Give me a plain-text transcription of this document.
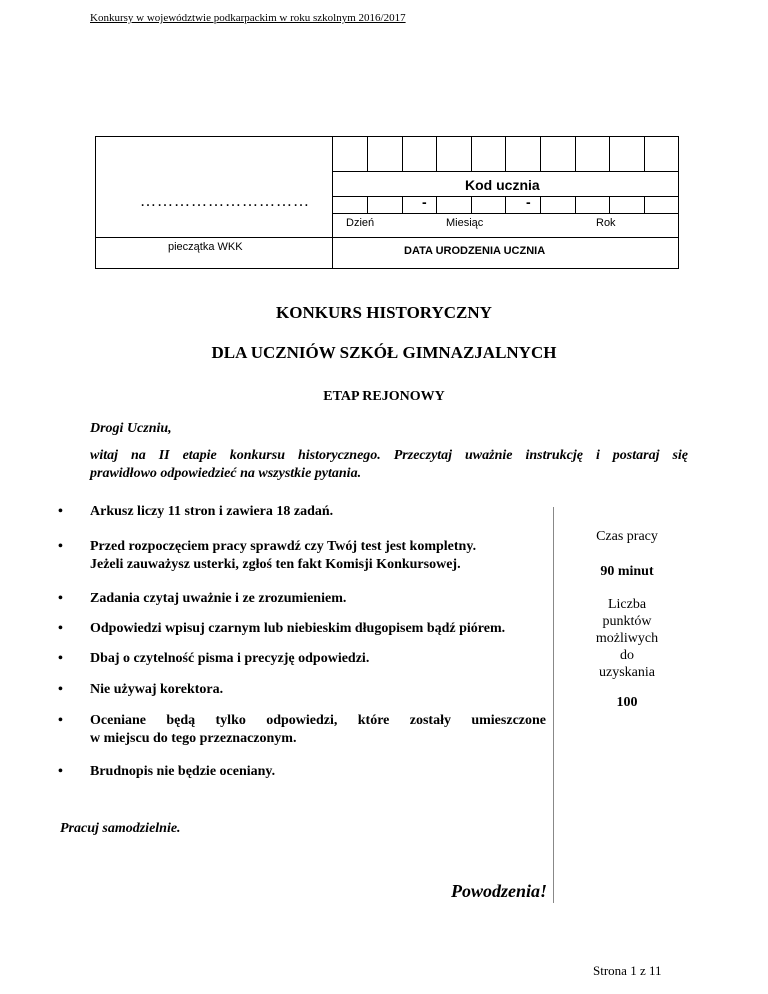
Konkursy w województwie podkarpackim w roku szkolnym 2016/2017
…………………………
pieczątka WKK
Kod ucznia
-	-
Dzień	Miesiąc	Rok
DATA URODZENIA UCZNIA
KONKURS HISTORYCZNY
DLA UCZNIÓW SZKÓŁ GIMNAZJALNYCH
ETAP REJONOWY
Drogi Uczniu,
witaj na II etapie konkursu historycznego. Przeczytaj uważnie instrukcję i postaraj się
prawidłowo odpowiedzieć na wszystkie pytania.
• Arkusz liczy 11 stron i zawiera 18 zadań.
• Przed rozpoczęciem pracy sprawdź czy Twój test jest kompletny.
Jeżeli zauważysz usterki, zgłoś ten fakt Komisji Konkursowej.
• Zadania czytaj uważnie i ze zrozumieniem.
• Odpowiedzi wpisuj czarnym lub niebieskim długopisem bądź piórem.
• Dbaj o czytelność pisma i precyzję odpowiedzi.
• Nie używaj korektora.
• Oceniane będą tylko odpowiedzi, które zostały umieszczone
w miejscu do tego przeznaczonym.
• Brudnopis nie będzie oceniany.
Czas pracy
90 minut
Liczba
punktów
możliwych
do
uzyskania
100
Pracuj samodzielnie.
Powodzenia!
Strona 1 z 11
